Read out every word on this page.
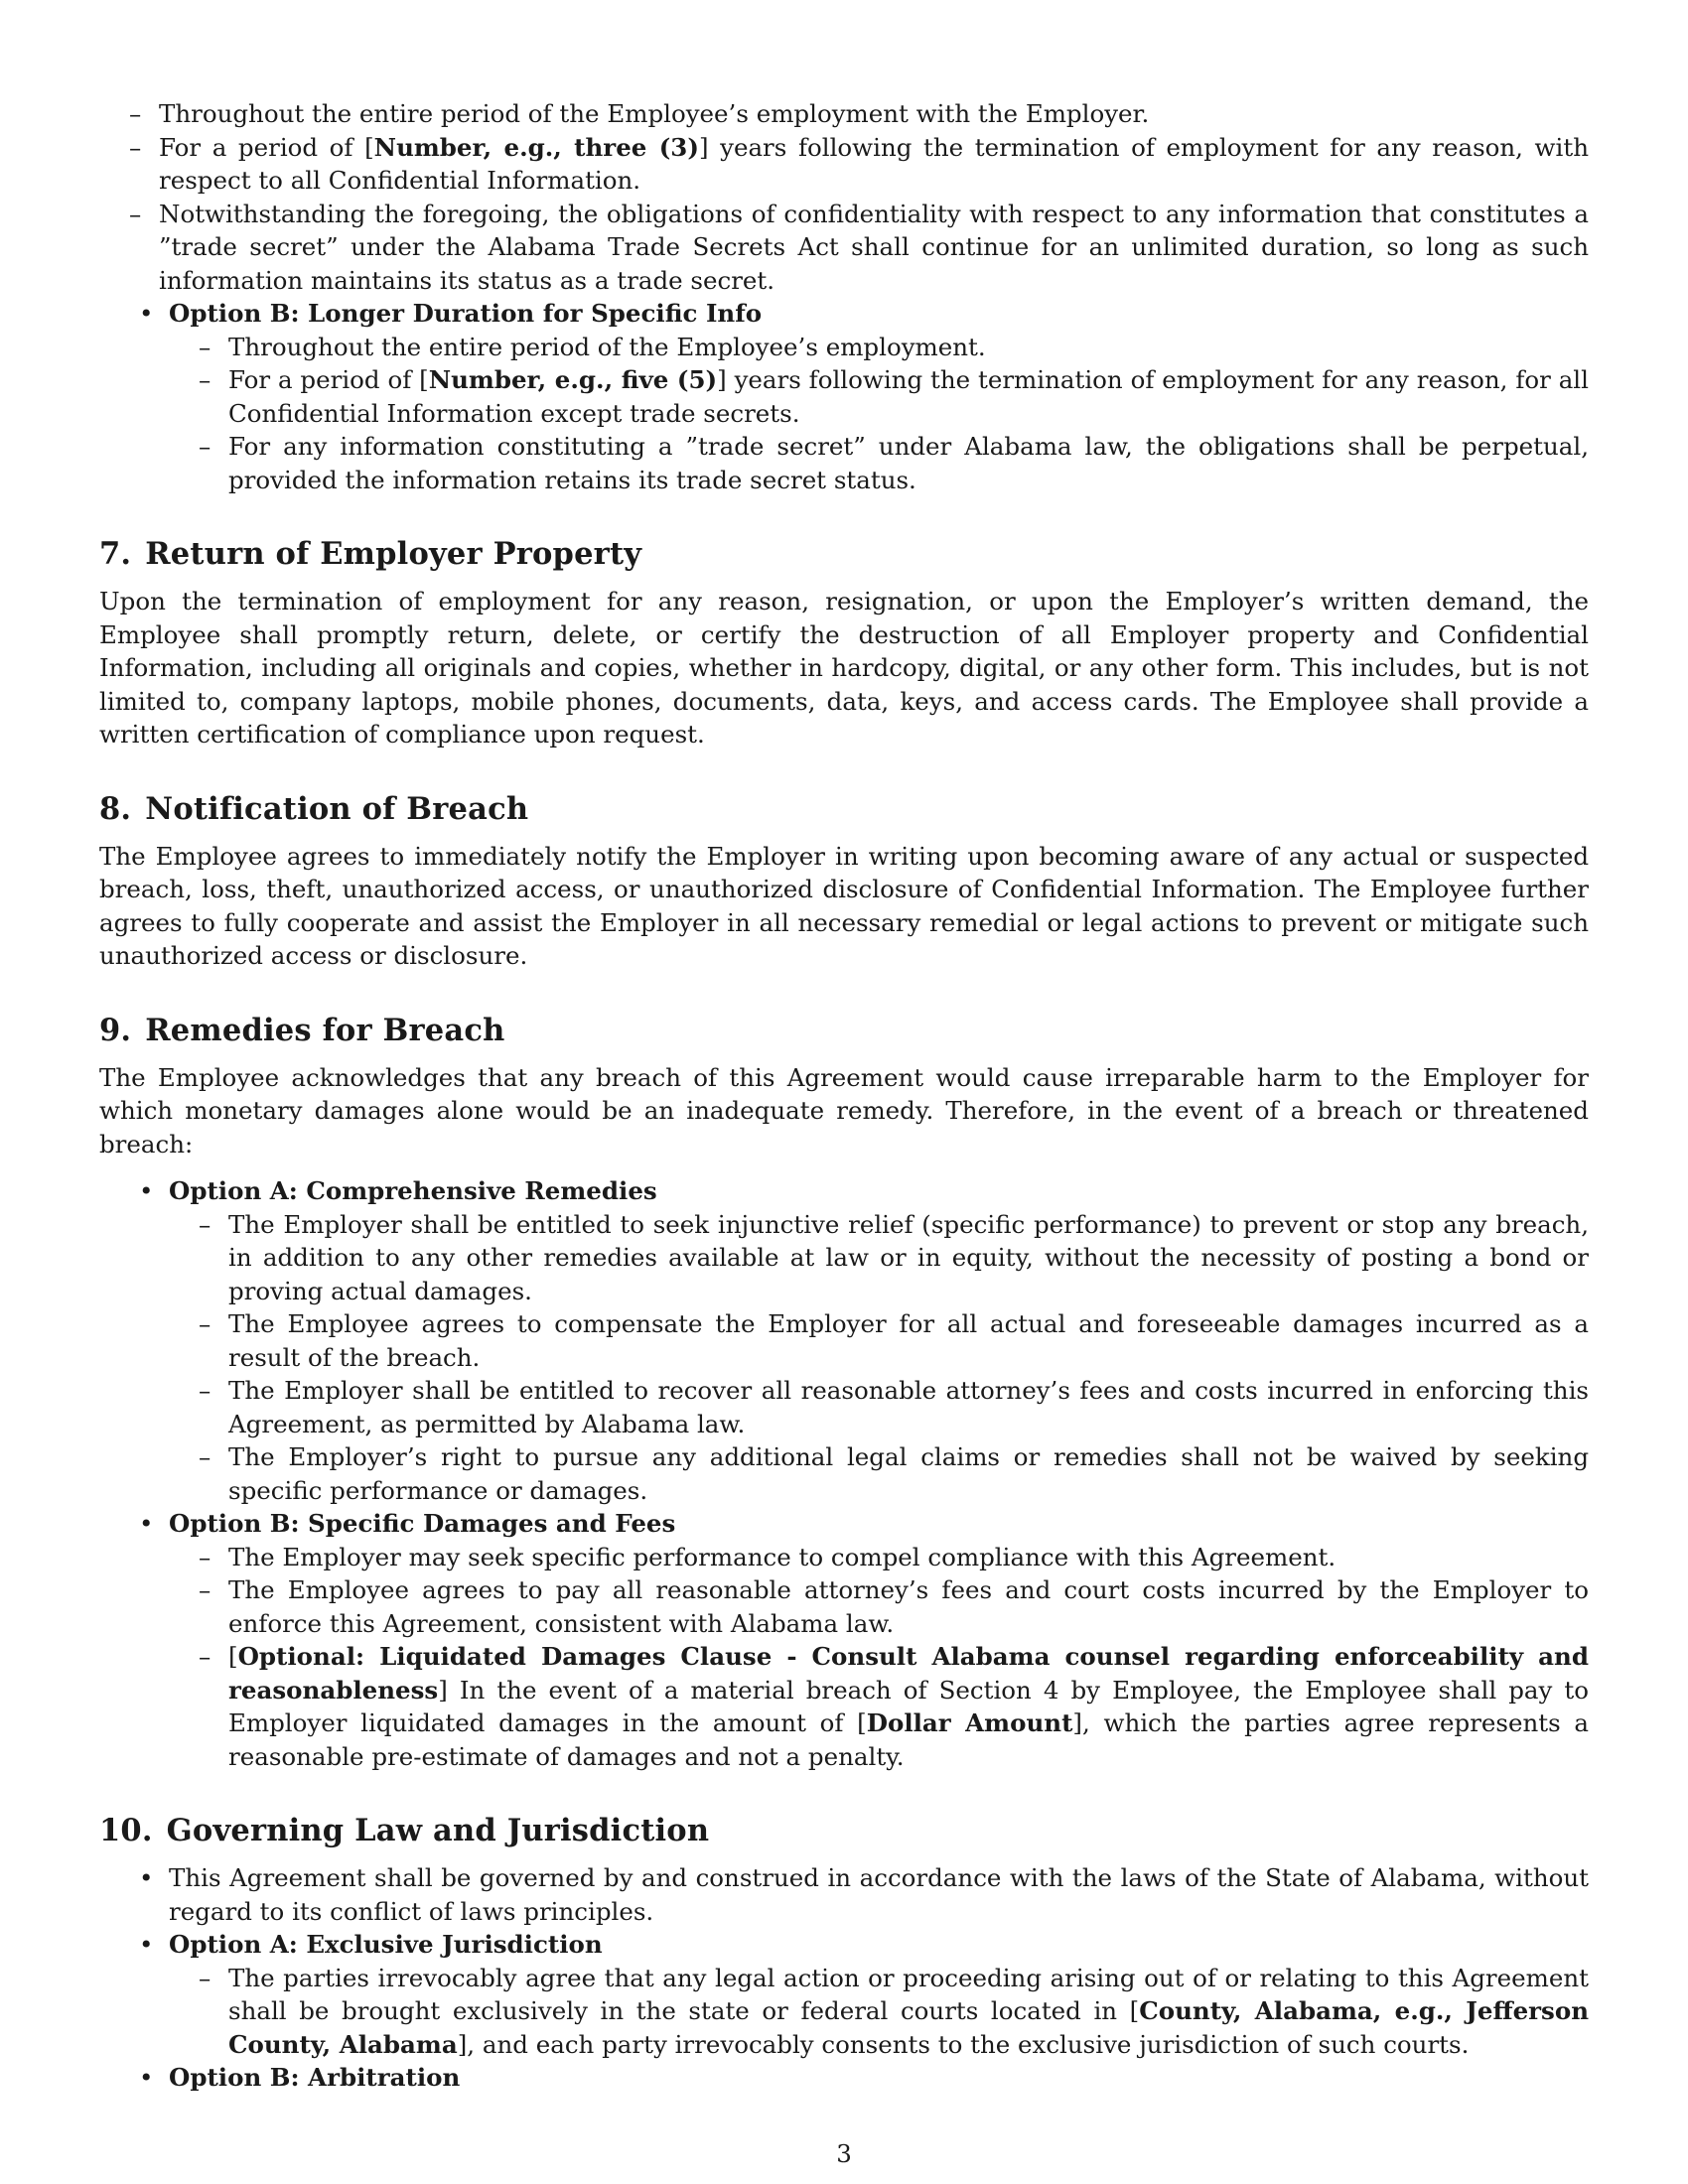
– Throughout the entire period of the Employee’s employment with the Employer.
– For a period of [Number, e.g., three (3)] years following the termination of employment for any reason, with respect to all Confidential Information.
– Notwithstanding the foregoing, the obligations of confidentiality with respect to any information that constitutes a ”trade secret” under the Alabama Trade Secrets Act shall continue for an unlimited duration, so long as such information maintains its status as a trade secret.
• Option B: Longer Duration for Specific Info
– Throughout the entire period of the Employee’s employment.
– For a period of [Number, e.g., five (5)] years following the termination of employment for any reason, for all Confidential Information except trade secrets.
– For any information constituting a ”trade secret” under Alabama law, the obligations shall be perpetual, provided the information retains its trade secret status.
7. Return of Employer Property

Upon the termination of employment for any reason, resignation, or upon the Employer’s written demand, the Employee shall promptly return, delete, or certify the destruction of all Employer property and Confidential Information, including all originals and copies, whether in hardcopy, digital, or any other form. This includes, but is not limited to, company laptops, mobile phones, documents, data, keys, and access cards. The Employee shall provide a written certification of compliance upon request.

8. Notification of Breach

The Employee agrees to immediately notify the Employer in writing upon becoming aware of any actual or suspected breach, loss, theft, unauthorized access, or unauthorized disclosure of Confidential Information. The Employee further agrees to fully cooperate and assist the Employer in all necessary remedial or legal actions to prevent or mitigate such unauthorized access or disclosure.

9. Remedies for Breach

The Employee acknowledges that any breach of this Agreement would cause irreparable harm to the Employer for which monetary damages alone would be an inadequate remedy. Therefore, in the event of a breach or threatened breach:

• Option A: Comprehensive Remedies
– The Employer shall be entitled to seek injunctive relief (specific performance) to prevent or stop any breach, in addition to any other remedies available at law or in equity, without the necessity of posting a bond or proving actual damages.
– The Employee agrees to compensate the Employer for all actual and foreseeable damages incurred as a result of the breach.
– The Employer shall be entitled to recover all reasonable attorney’s fees and costs incurred in enforcing this Agreement, as permitted by Alabama law.
– The Employer’s right to pursue any additional legal claims or remedies shall not be waived by seeking specific performance or damages.
• Option B: Specific Damages and Fees
– The Employer may seek specific performance to compel compliance with this Agreement.
– The Employee agrees to pay all reasonable attorney’s fees and court costs incurred by the Employer to enforce this Agreement, consistent with Alabama law.
– [Optional: Liquidated Damages Clause - Consult Alabama counsel regarding enforceability and reasonableness] In the event of a material breach of Section 4 by Employee, the Employee shall pay to Employer liquidated damages in the amount of [Dollar Amount], which the parties agree represents a reasonable pre-estimate of damages and not a penalty.
10. Governing Law and Jurisdiction
• This Agreement shall be governed by and construed in accordance with the laws of the State of Alabama, without regard to its conflict of laws principles.
• Option A: Exclusive Jurisdiction
– The parties irrevocably agree that any legal action or proceeding arising out of or relating to this Agreement shall be brought exclusively in the state or federal courts located in [County, Alabama, e.g., Jefferson County, Alabama], and each party irrevocably consents to the exclusive jurisdiction of such courts.
• Option B: Arbitration
3
